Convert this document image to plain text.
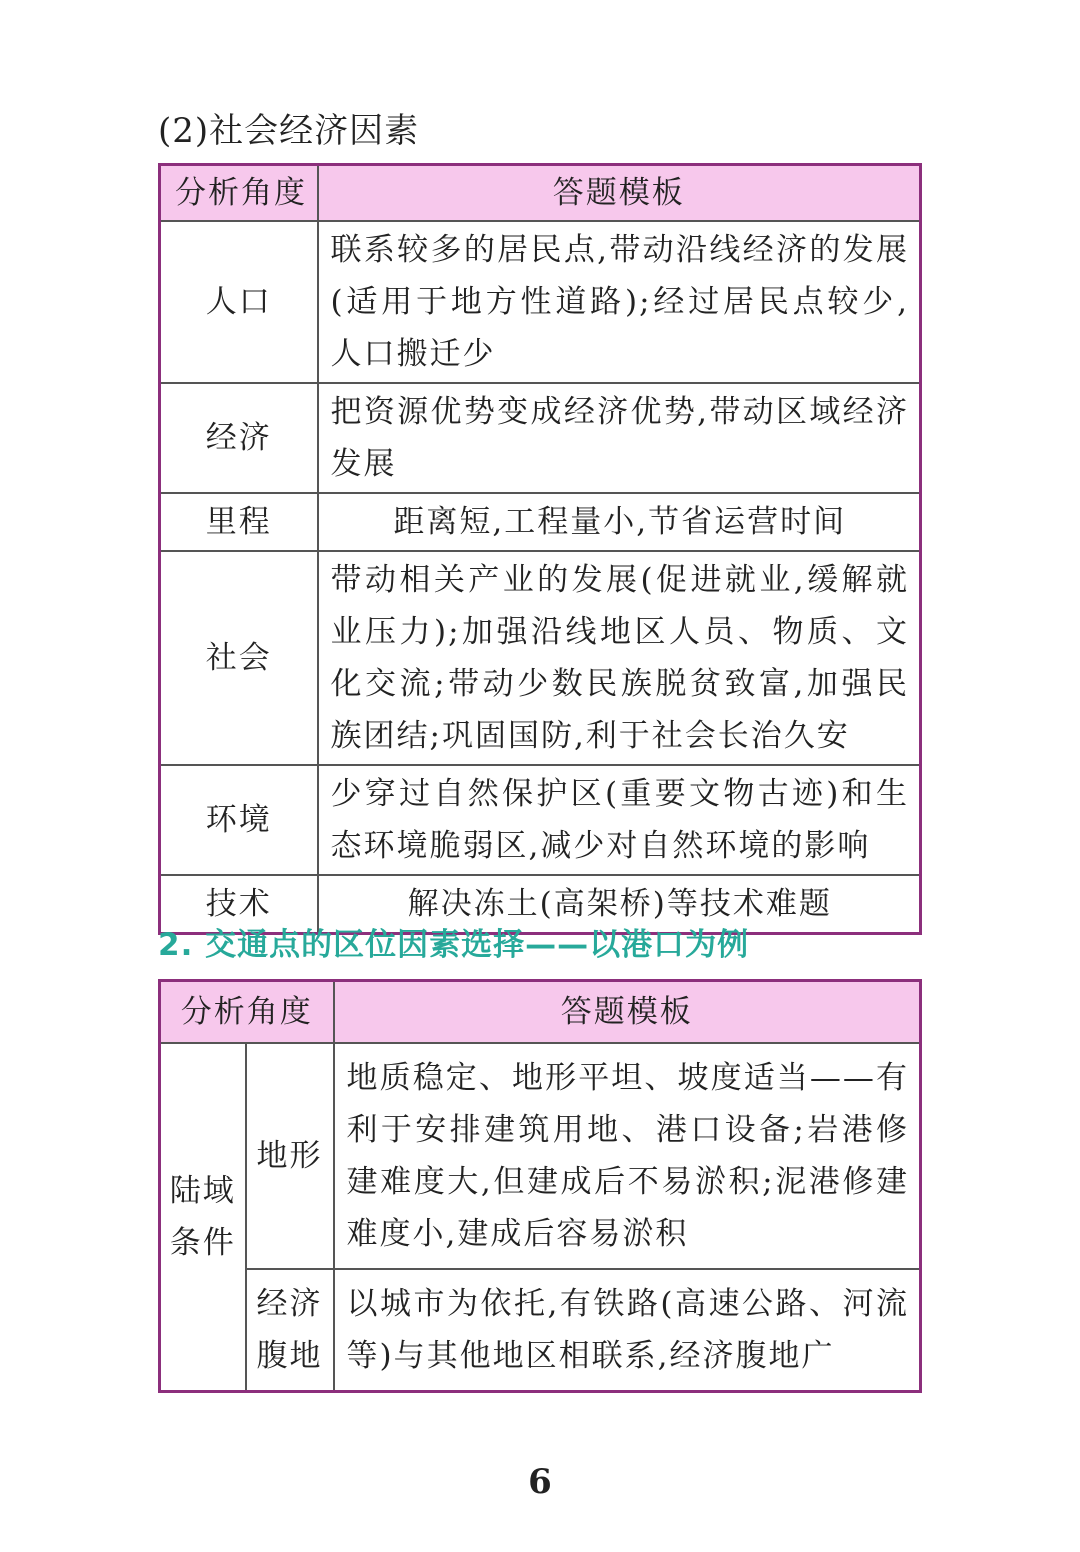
(2)社会经济因素
分析角度	答题模板
人口	联系较多的居民点,带动沿线经济的发展(适用于地方性道路);经过居民点较少,人口搬迁少
经济	把资源优势变成经济优势,带动区域经济发展
里程	距离短,工程量小,节省运营时间
社会	带动相关产业的发展(促进就业,缓解就业压力);加强沿线地区人员、物质、文化交流;带动少数民族脱贫致富,加强民族团结;巩固国防,利于社会长治久安
环境	少穿过自然保护区(重要文物古迹)和生态环境脆弱区,减少对自然环境的影响
技术	解决冻土(高架桥)等技术难题
2. 交通点的区位因素选择——以港口为例
分析角度		答题模板
陆域条件	地形	地质稳定、地形平坦、坡度适当——有利于安排建筑用地、港口设备;岩港修建难度大,但建成后不易淤积;泥港修建难度小,建成后容易淤积
	经济腹地	以城市为依托,有铁路(高速公路、河流等)与其他地区相联系,经济腹地广
6
